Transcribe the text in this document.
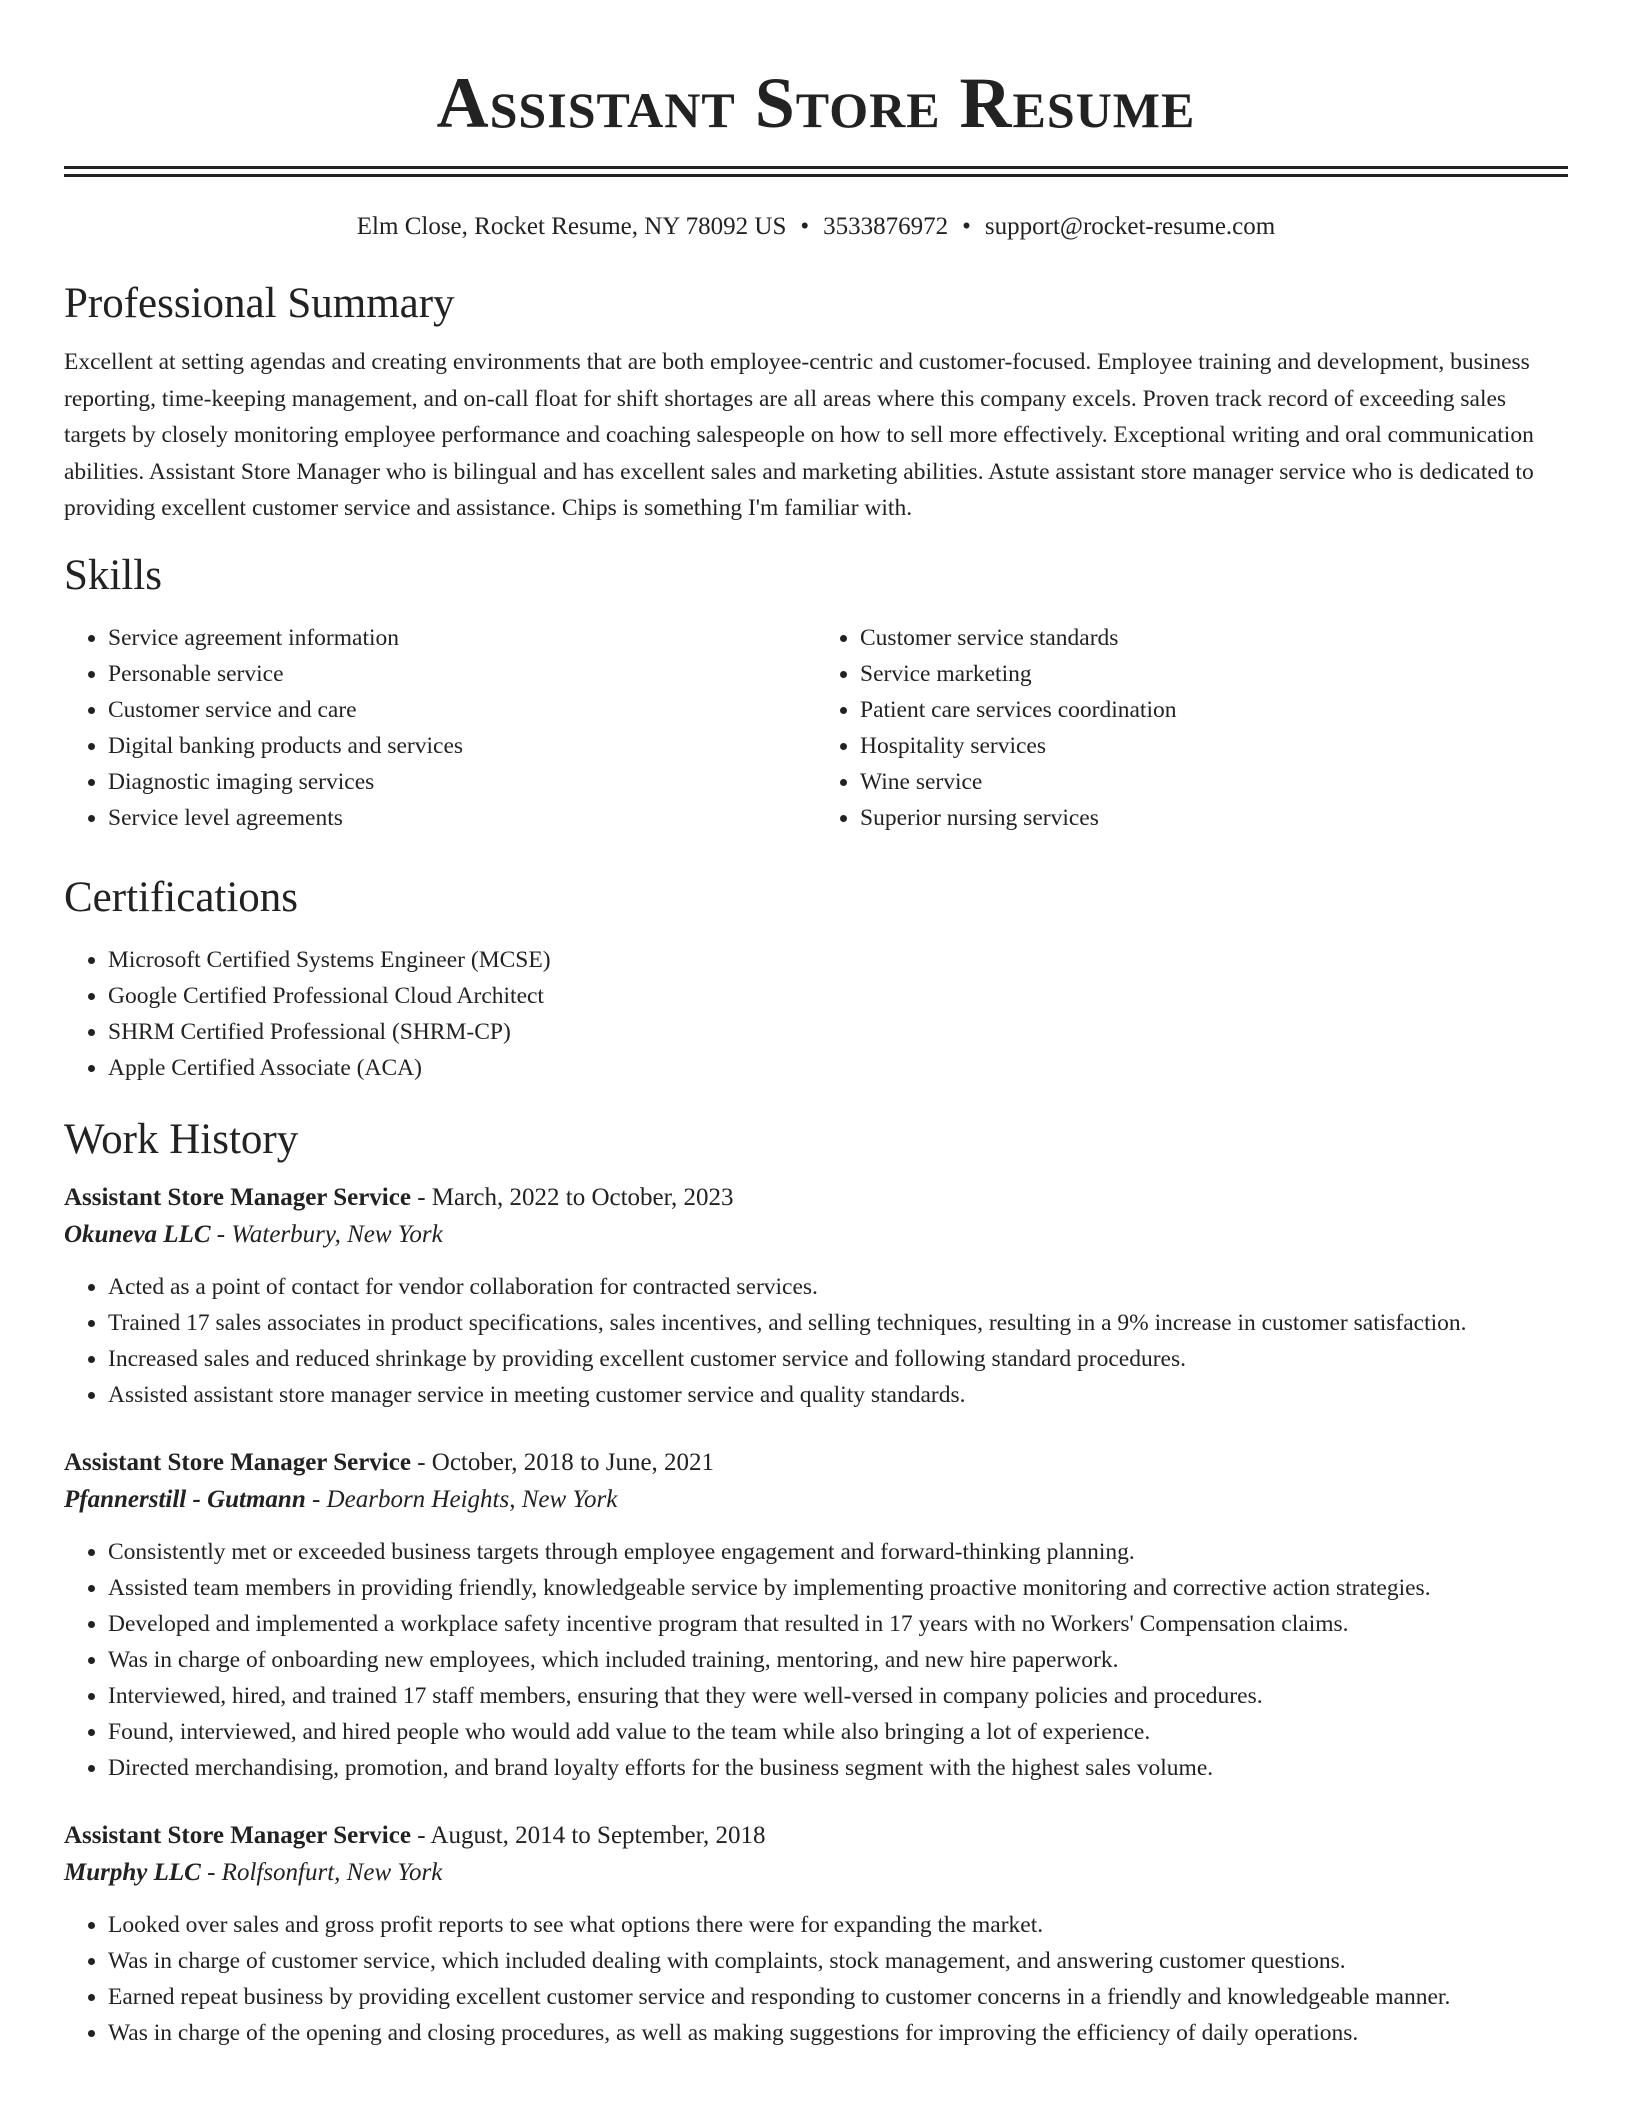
Assistant Store Resume
Elm Close, Rocket Resume, NY 78092 US • 3533876972 • support@rocket-resume.com
Professional Summary
Excellent at setting agendas and creating environments that are both employee-centric and customer-focused. Employee training and development, business reporting, time-keeping management, and on-call float for shift shortages are all areas where this company excels. Proven track record of exceeding sales targets by closely monitoring employee performance and coaching salespeople on how to sell more effectively. Exceptional writing and oral communication abilities. Assistant Store Manager who is bilingual and has excellent sales and marketing abilities. Astute assistant store manager service who is dedicated to providing excellent customer service and assistance. Chips is something I'm familiar with.
Skills
• Service agreement information
• Personable service
• Customer service and care
• Digital banking products and services
• Diagnostic imaging services
• Service level agreements
• Customer service standards
• Service marketing
• Patient care services coordination
• Hospitality services
• Wine service
• Superior nursing services
Certifications
• Microsoft Certified Systems Engineer (MCSE)
• Google Certified Professional Cloud Architect
• SHRM Certified Professional (SHRM-CP)
• Apple Certified Associate (ACA)
Work History
Assistant Store Manager Service - March, 2022 to October, 2023
Okuneva LLC - Waterbury, New York
• Acted as a point of contact for vendor collaboration for contracted services.
• Trained 17 sales associates in product specifications, sales incentives, and selling techniques, resulting in a 9% increase in customer satisfaction.
• Increased sales and reduced shrinkage by providing excellent customer service and following standard procedures.
• Assisted assistant store manager service in meeting customer service and quality standards.
Assistant Store Manager Service - October, 2018 to June, 2021
Pfannerstill - Gutmann - Dearborn Heights, New York
• Consistently met or exceeded business targets through employee engagement and forward-thinking planning.
• Assisted team members in providing friendly, knowledgeable service by implementing proactive monitoring and corrective action strategies.
• Developed and implemented a workplace safety incentive program that resulted in 17 years with no Workers' Compensation claims.
• Was in charge of onboarding new employees, which included training, mentoring, and new hire paperwork.
• Interviewed, hired, and trained 17 staff members, ensuring that they were well-versed in company policies and procedures.
• Found, interviewed, and hired people who would add value to the team while also bringing a lot of experience.
• Directed merchandising, promotion, and brand loyalty efforts for the business segment with the highest sales volume.
Assistant Store Manager Service - August, 2014 to September, 2018
Murphy LLC - Rolfsonfurt, New York
• Looked over sales and gross profit reports to see what options there were for expanding the market.
• Was in charge of customer service, which included dealing with complaints, stock management, and answering customer questions.
• Earned repeat business by providing excellent customer service and responding to customer concerns in a friendly and knowledgeable manner.
• Was in charge of the opening and closing procedures, as well as making suggestions for improving the efficiency of daily operations.
